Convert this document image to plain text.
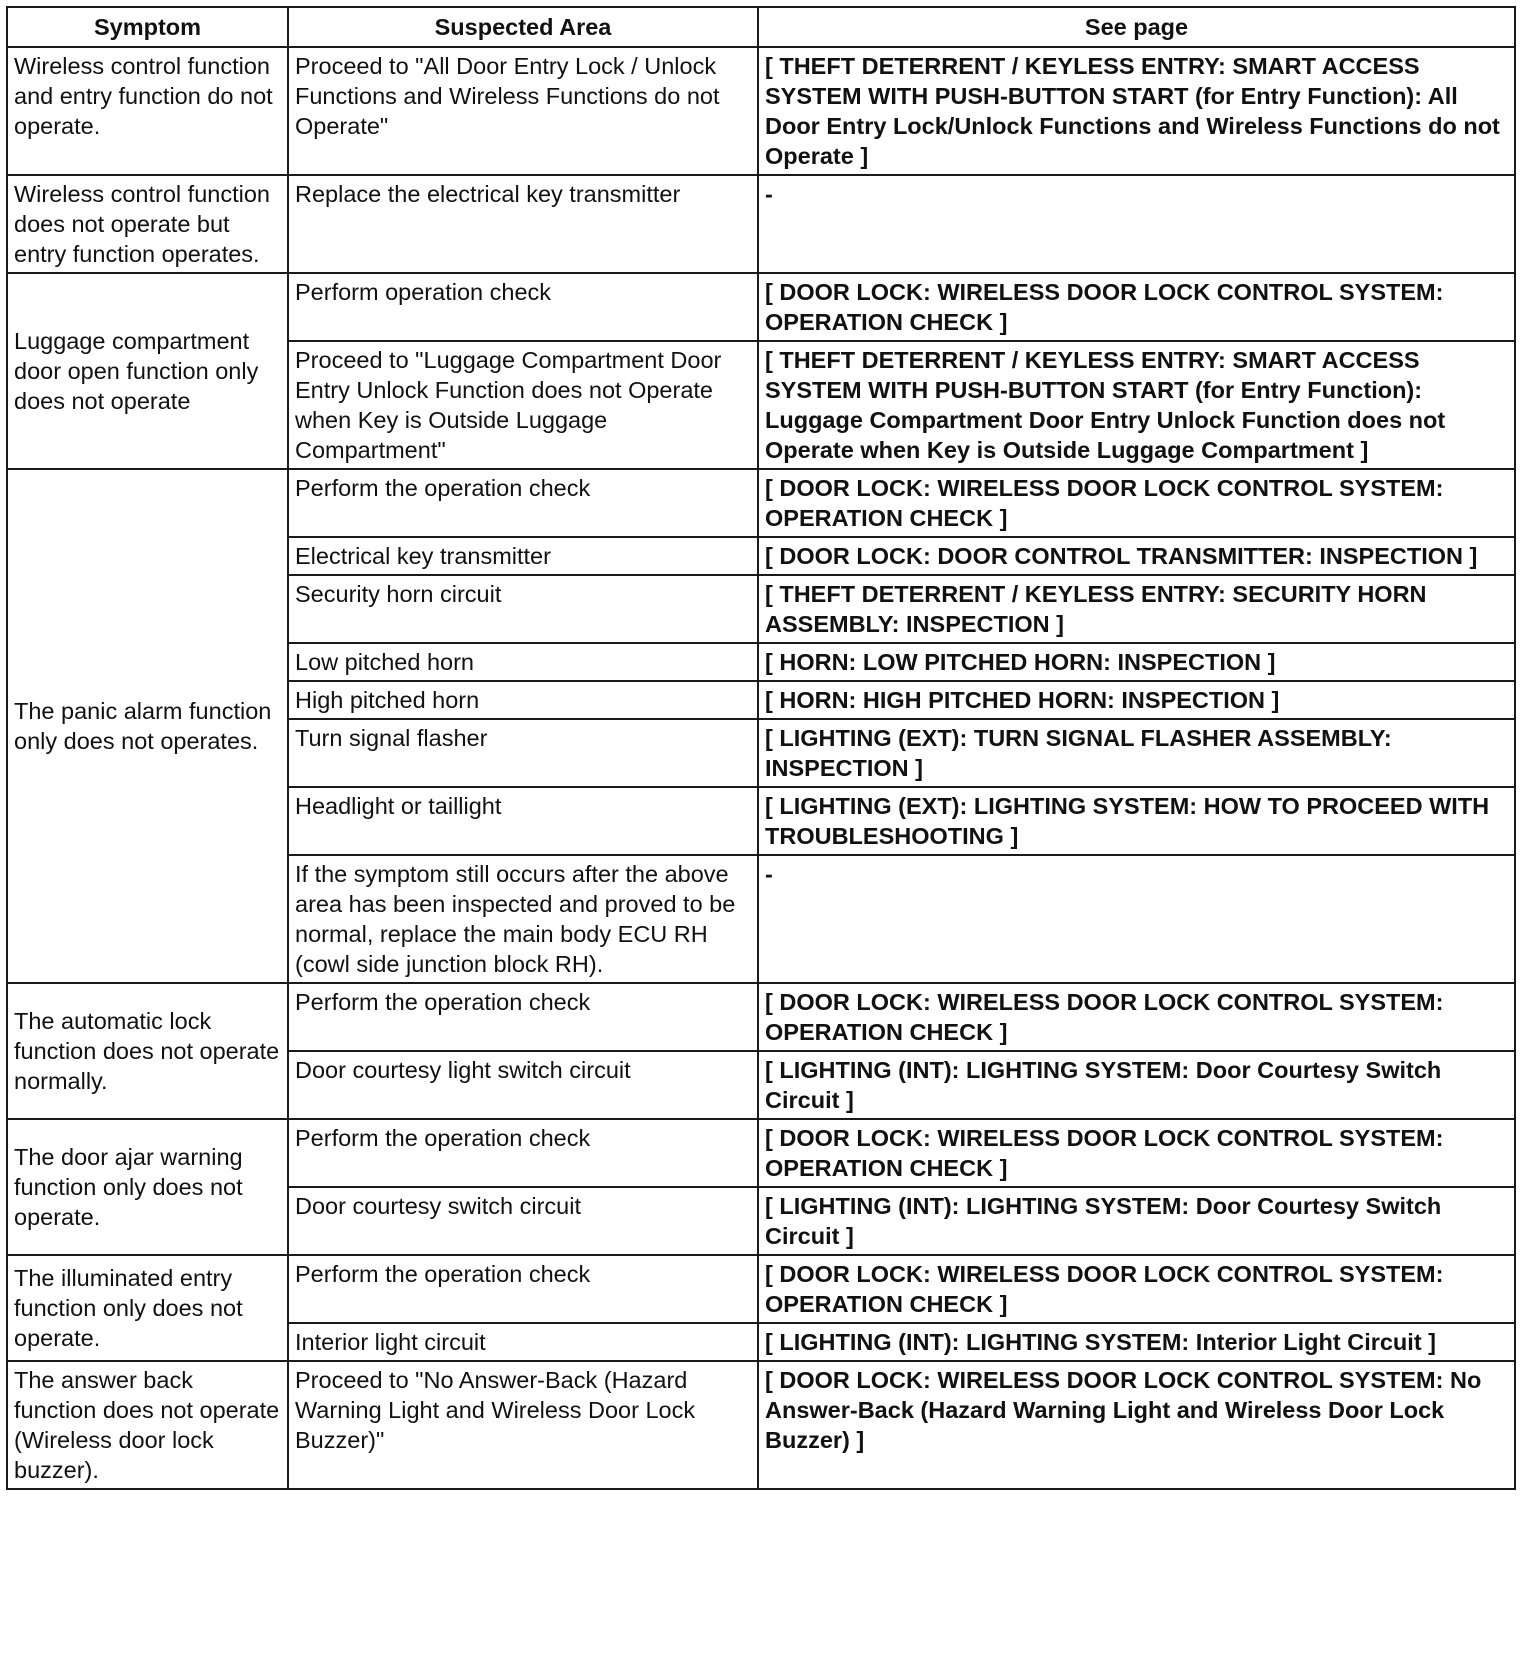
Symptom	Suspected Area	See page
Wireless control function and entry function do not operate.	Proceed to "All Door Entry Lock / Unlock Functions and Wireless Functions do not Operate"	[ THEFT DETERRENT / KEYLESS ENTRY: SMART ACCESS SYSTEM WITH PUSH-BUTTON START (for Entry Function): All Door Entry Lock/Unlock Functions and Wireless Functions do not Operate ]
Wireless control function does not operate but entry function operates.	Replace the electrical key transmitter	-
Luggage compartment door open function only does not operate	Perform operation check	[ DOOR LOCK: WIRELESS DOOR LOCK CONTROL SYSTEM: OPERATION CHECK ]
	Proceed to "Luggage Compartment Door Entry Unlock Function does not Operate when Key is Outside Luggage Compartment"	[ THEFT DETERRENT / KEYLESS ENTRY: SMART ACCESS SYSTEM WITH PUSH-BUTTON START (for Entry Function): Luggage Compartment Door Entry Unlock Function does not Operate when Key is Outside Luggage Compartment ]
The panic alarm function only does not operates.	Perform the operation check	[ DOOR LOCK: WIRELESS DOOR LOCK CONTROL SYSTEM: OPERATION CHECK ]
	Electrical key transmitter	[ DOOR LOCK: DOOR CONTROL TRANSMITTER: INSPECTION ]
	Security horn circuit	[ THEFT DETERRENT / KEYLESS ENTRY: SECURITY HORN ASSEMBLY: INSPECTION ]
	Low pitched horn	[ HORN: LOW PITCHED HORN: INSPECTION ]
	High pitched horn	[ HORN: HIGH PITCHED HORN: INSPECTION ]
	Turn signal flasher	[ LIGHTING (EXT): TURN SIGNAL FLASHER ASSEMBLY: INSPECTION ]
	Headlight or taillight	[ LIGHTING (EXT): LIGHTING SYSTEM: HOW TO PROCEED WITH TROUBLESHOOTING ]
	If the symptom still occurs after the above area has been inspected and proved to be normal, replace the main body ECU RH (cowl side junction block RH).	-
The automatic lock function does not operate normally.	Perform the operation check	[ DOOR LOCK: WIRELESS DOOR LOCK CONTROL SYSTEM: OPERATION CHECK ]
	Door courtesy light switch circuit	[ LIGHTING (INT): LIGHTING SYSTEM: Door Courtesy Switch Circuit ]
The door ajar warning function only does not operate.	Perform the operation check	[ DOOR LOCK: WIRELESS DOOR LOCK CONTROL SYSTEM: OPERATION CHECK ]
	Door courtesy switch circuit	[ LIGHTING (INT): LIGHTING SYSTEM: Door Courtesy Switch Circuit ]
The illuminated entry function only does not operate.	Perform the operation check	[ DOOR LOCK: WIRELESS DOOR LOCK CONTROL SYSTEM: OPERATION CHECK ]
	Interior light circuit	[ LIGHTING (INT): LIGHTING SYSTEM: Interior Light Circuit ]
The answer back function does not operate (Wireless door lock buzzer).	Proceed to "No Answer-Back (Hazard Warning Light and Wireless Door Lock Buzzer)"	[ DOOR LOCK: WIRELESS DOOR LOCK CONTROL SYSTEM: No Answer-Back (Hazard Warning Light and Wireless Door Lock Buzzer) ]
